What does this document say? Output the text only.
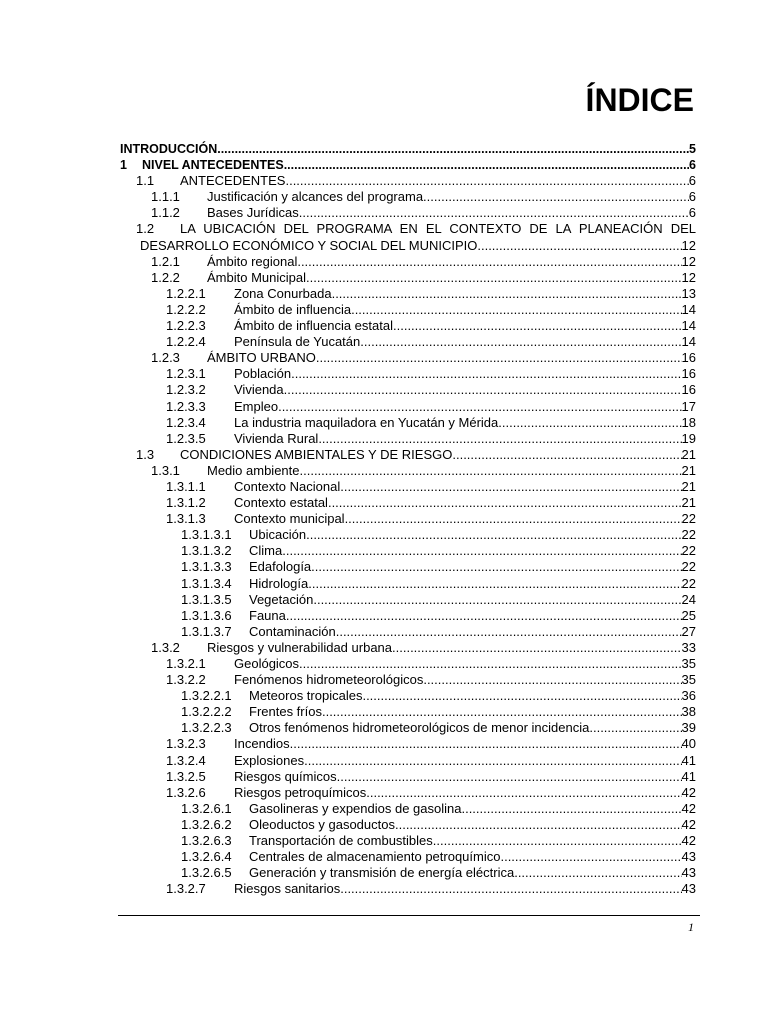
ÍNDICE
INTRODUCCIÓN .....	5
1	NIVEL ANTECEDENTES .....	6
1.1	ANTECEDENTES .....	6
1.1.1	Justificación y alcances del programa. .....	6
1.1.2	Bases Jurídicas. .....	6
1.2	LA UBICACIÓN DEL PROGRAMA EN EL CONTEXTO DE LA PLANEACIÓN DEL
DESARROLLO ECONÓMICO Y SOCIAL DEL MUNICIPIO. .....	12
1.2.1	Ámbito regional .....	12
1.2.2	Ámbito Municipal. .....	12
1.2.2.1	Zona Conurbada. .....	13
1.2.2.2	Ámbito de influencia. .....	14
1.2.2.3	Ámbito de influencia estatal. .....	14
1.2.2.4	Península de Yucatán .....	14
1.2.3	ÁMBITO URBANO .....	16
1.2.3.1	Población .....	16
1.2.3.2	Vivienda .....	16
1.2.3.3	Empleo .....	17
1.2.3.4	La industria maquiladora en Yucatán y Mérida .....	18
1.2.3.5	Vivienda Rural .....	19
1.3	CONDICIONES AMBIENTALES Y DE RIESGO .....	21
1.3.1	Medio ambiente .....	21
1.3.1.1	Contexto Nacional .....	21
1.3.1.2	Contexto estatal .....	21
1.3.1.3	Contexto municipal .....	22
1.3.1.3.1	Ubicación .....	22
1.3.1.3.2	Clima .....	22
1.3.1.3.3	Edafología .....	22
1.3.1.3.4	Hidrología .....	22
1.3.1.3.5	Vegetación .....	24
1.3.1.3.6	Fauna .....	25
1.3.1.3.7	Contaminación .....	27
1.3.2	Riesgos y vulnerabilidad urbana .....	33
1.3.2.1	Geológicos .....	35
1.3.2.2	Fenómenos hidrometeorológicos .....	35
1.3.2.2.1	Meteoros tropicales .....	36
1.3.2.2.2	Frentes fríos .....	38
1.3.2.2.3	Otros fenómenos hidrometeorológicos de menor incidencia .....	39
1.3.2.3	Incendios .....	40
1.3.2.4	Explosiones .....	41
1.3.2.5	Riesgos químicos .....	41
1.3.2.6	Riesgos petroquímicos .....	42
1.3.2.6.1	Gasolineras y expendios de gasolina .....	42
1.3.2.6.2	Oleoductos y gasoductos .....	42
1.3.2.6.3	Transportación de combustibles .....	42
1.3.2.6.4	Centrales de almacenamiento petroquímico .....	43
1.3.2.6.5	Generación y transmisión de energía eléctrica .....	43
1.3.2.7	Riesgos sanitarios .....	43
1
